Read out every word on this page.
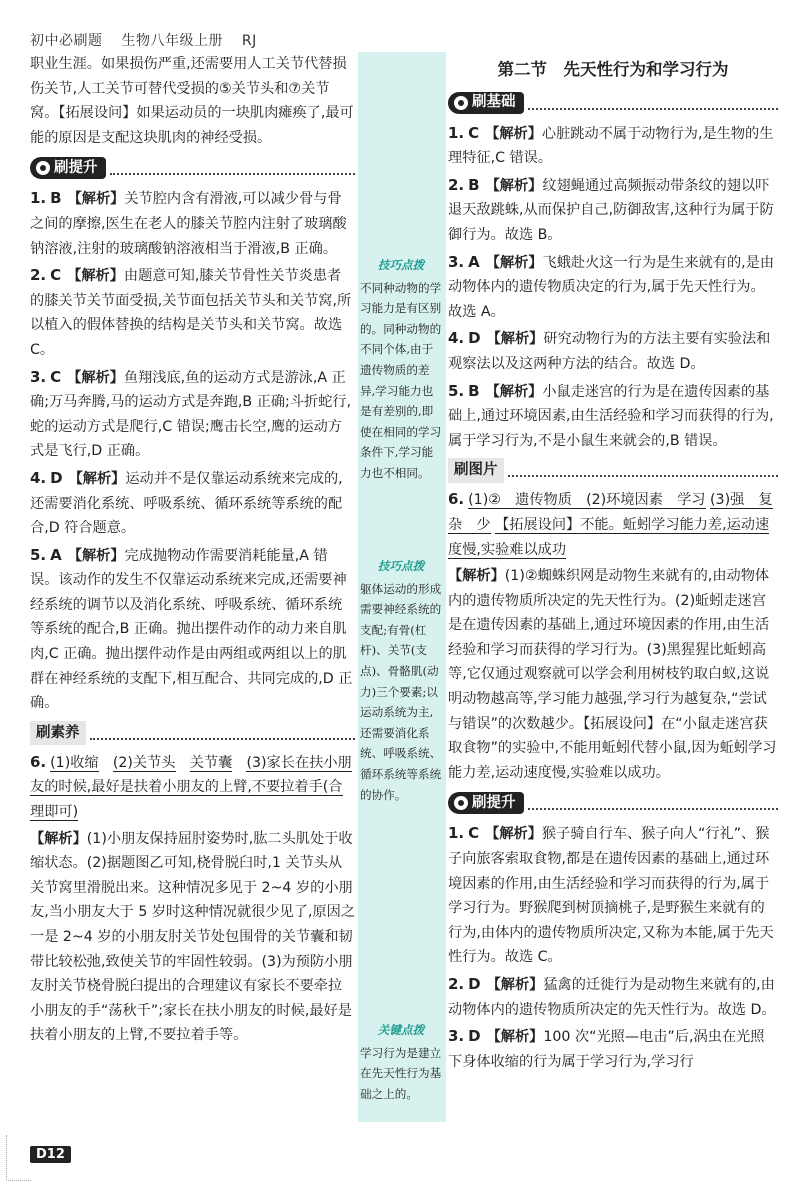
初中必刷题 生物八年级上册 RJ
技巧点拨
不同种动物的学习能力是有区别的。同种动物的不同个体,由于遗传物质的差异,学习能力也是有差别的,即使在相同的学习条件下,学习能力也不相同。
技巧点拨
躯体运动的形成需要神经系统的支配;有骨(杠杆)、关节(支点)、骨骼肌(动力)三个要素;以运动系统为主,还需要消化系统、呼吸系统、循环系统等系统的协作。
关键点拨
学习行为是建立在先天性行为基础之上的。

职业生涯。如果损伤严重,还需要用人工关节代替损伤关节,人工关节可替代受损的⑤关节头和⑦关节窝。【拓展设问】如果运动员的一块肌肉瘫痪了,最可能的原因是支配这块肌肉的神经受损。

刷提升

1. B 【解析】关节腔内含有滑液,可以减少骨与骨之间的摩擦,医生在老人的膝关节腔内注射了玻璃酸钠溶液,注射的玻璃酸钠溶液相当于滑液,B 正确。

2. C 【解析】由题意可知,膝关节骨性关节炎患者的膝关节关节面受损,关节面包括关节头和关节窝,所以植入的假体替换的结构是关节头和关节窝。故选 C。

3. C 【解析】鱼翔浅底,鱼的运动方式是游泳,A 正确;万马奔腾,马的运动方式是奔跑,B 正确;斗折蛇行,蛇的运动方式是爬行,C 错误;鹰击长空,鹰的运动方式是飞行,D 正确。

4. D 【解析】运动并不是仅靠运动系统来完成的,还需要消化系统、呼吸系统、循环系统等系统的配合,D 符合题意。

5. A 【解析】完成抛物动作需要消耗能量,A 错误。该动作的发生不仅靠运动系统来完成,还需要神经系统的调节以及消化系统、呼吸系统、循环系统等系统的配合,B 正确。抛出摆件动作的动力来自肌肉,C 正确。抛出摆件动作是由两组或两组以上的肌群在神经系统的支配下,相互配合、共同完成的,D 正确。

刷素养

6. (1)收缩　 (2)关节头　 关节囊　 (3)家长在扶小朋友的时候,最好是扶着小朋友的上臂,不要拉着手(合理即可)

【解析】(1)小朋友保持屈肘姿势时,肱二头肌处于收缩状态。(2)据题图乙可知,桡骨脱臼时,1 关节头从关节窝里滑脱出来。这种情况多见于 2~4 岁的小朋友,当小朋友大于 5 岁时这种情况就很少见了,原因之一是 2~4 岁的小朋友肘关节处包围骨的关节囊和韧带比较松弛,致使关节的牢固性较弱。(3)为预防小朋友肘关节桡骨脱臼提出的合理建议有家长不要牵拉小朋友的手“荡秋千”;家长在扶小朋友的时候,最好是扶着小朋友的上臂,不要拉着手等。

第二节　先天性行为和学习行为
刷基础

1. C 【解析】心脏跳动不属于动物行为,是生物的生理特征,C 错误。

2. B 【解析】纹翅蝇通过高频振动带条纹的翅以吓退天敌跳蛛,从而保护自己,防御敌害,这种行为属于防御行为。故选 B。

3. A 【解析】飞蛾赴火这一行为是生来就有的,是由动物体内的遗传物质决定的行为,属于先天性行为。故选 A。

4. D 【解析】研究动物行为的方法主要有实验法和观察法以及这两种方法的结合。故选 D。

5. B 【解析】小鼠走迷宫的行为是在遗传因素的基础上,通过环境因素,由生活经验和学习而获得的行为,属于学习行为,不是小鼠生来就会的,B 错误。

刷图片

6. (1)②　遗传物质　(2)环境因素　学习 (3)强　复杂　少 【拓展设问】不能。蚯蚓学习能力差,运动速度慢,实验难以成功

【解析】(1)②蜘蛛织网是动物生来就有的,由动物体内的遗传物质所决定的先天性行为。(2)蚯蚓走迷宫是在遗传因素的基础上,通过环境因素的作用,由生活经验和学习而获得的学习行为。(3)黑猩猩比蚯蚓高等,它仅通过观察就可以学会利用树枝钓取白蚁,这说明动物越高等,学习能力越强,学习行为越复杂,“尝试与错误”的次数越少。【拓展设问】在“小鼠走迷宫获取食物”的实验中,不能用蚯蚓代替小鼠,因为蚯蚓学习能力差,运动速度慢,实验难以成功。

刷提升

1. C 【解析】猴子骑自行车、猴子向人“行礼”、猴子向旅客索取食物,都是在遗传因素的基础上,通过环境因素的作用,由生活经验和学习而获得的行为,属于学习行为。野猴爬到树顶摘桃子,是野猴生来就有的行为,由体内的遗传物质所决定,又称为本能,属于先天性行为。故选 C。

2. D 【解析】猛禽的迁徙行为是动物生来就有的,由动物体内的遗传物质所决定的先天性行为。故选 D。

3. D 【解析】100 次“光照—电击”后,涡虫在光照下身体收缩的行为属于学习行为,学习行

D12
